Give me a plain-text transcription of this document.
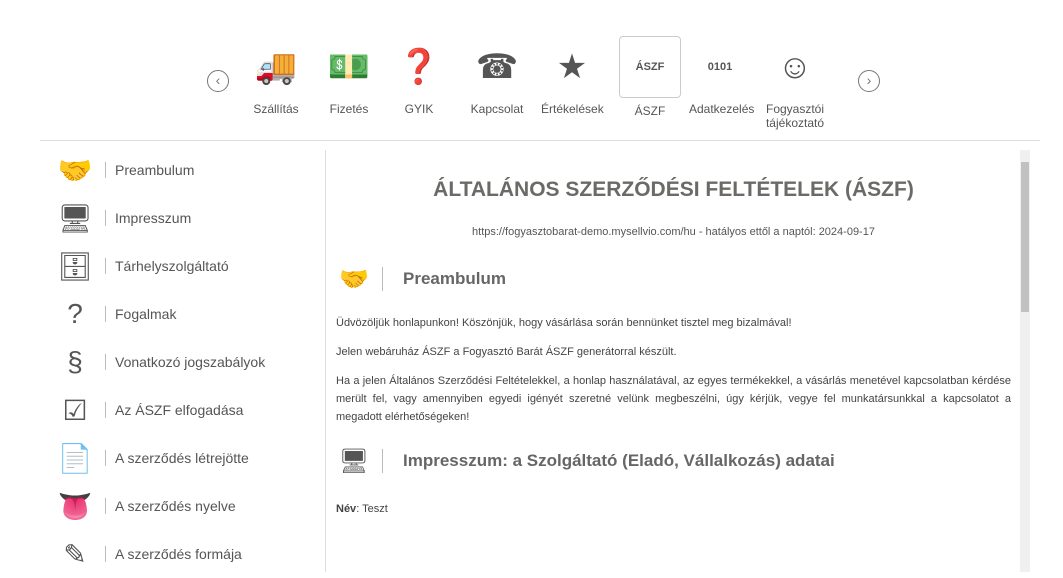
‹ 🚚
Szállítás
💵
Fizetés
❓
GYIK
☎
Kapcsolat
★
Értékelések
ÁSZF
ÁSZF
0101
Adatkezelés
☺
Fogyasztói tájékoztató
›
🤝	Preambulum
🖥	Impresszum
🗄	Tárhelyszolgáltató
?	Fogalmak
§	Vonatkozó jogszabályok
☑	Az ÁSZF elfogadása
📄	A szerződés létrejötte
👅	A szerződés nyelve
✎	A szerződés formája
ÁLTALÁNOS SZERZŐDÉSI FELTÉTELEK (ÁSZF)
https://fogyasztobarat-demo.mysellvio.com/hu - hatályos ettől a naptól: 2024-09-17
🤝 Preambulum

Üdvözöljük honlapunkon! Köszönjük, hogy vásárlása során bennünket tisztel meg bizalmával!

Jelen webáruház ÁSZF a Fogyasztó Barát ÁSZF generátorral készült.

Ha a jelen Általános Szerződési Feltételekkel, a honlap használatával, az egyes termékekkel, a vásárlás menetével kapcsolatban kérdése merült fel, vagy amennyiben egyedi igényét szeretné velünk megbeszélni, úgy kérjük, vegye fel munkatársunkkal a kapcsolatot a megadott elérhetőségeken!

🖥 Impresszum: a Szolgáltató (Eladó, Vállalkozás) adatai

Név: Teszt
